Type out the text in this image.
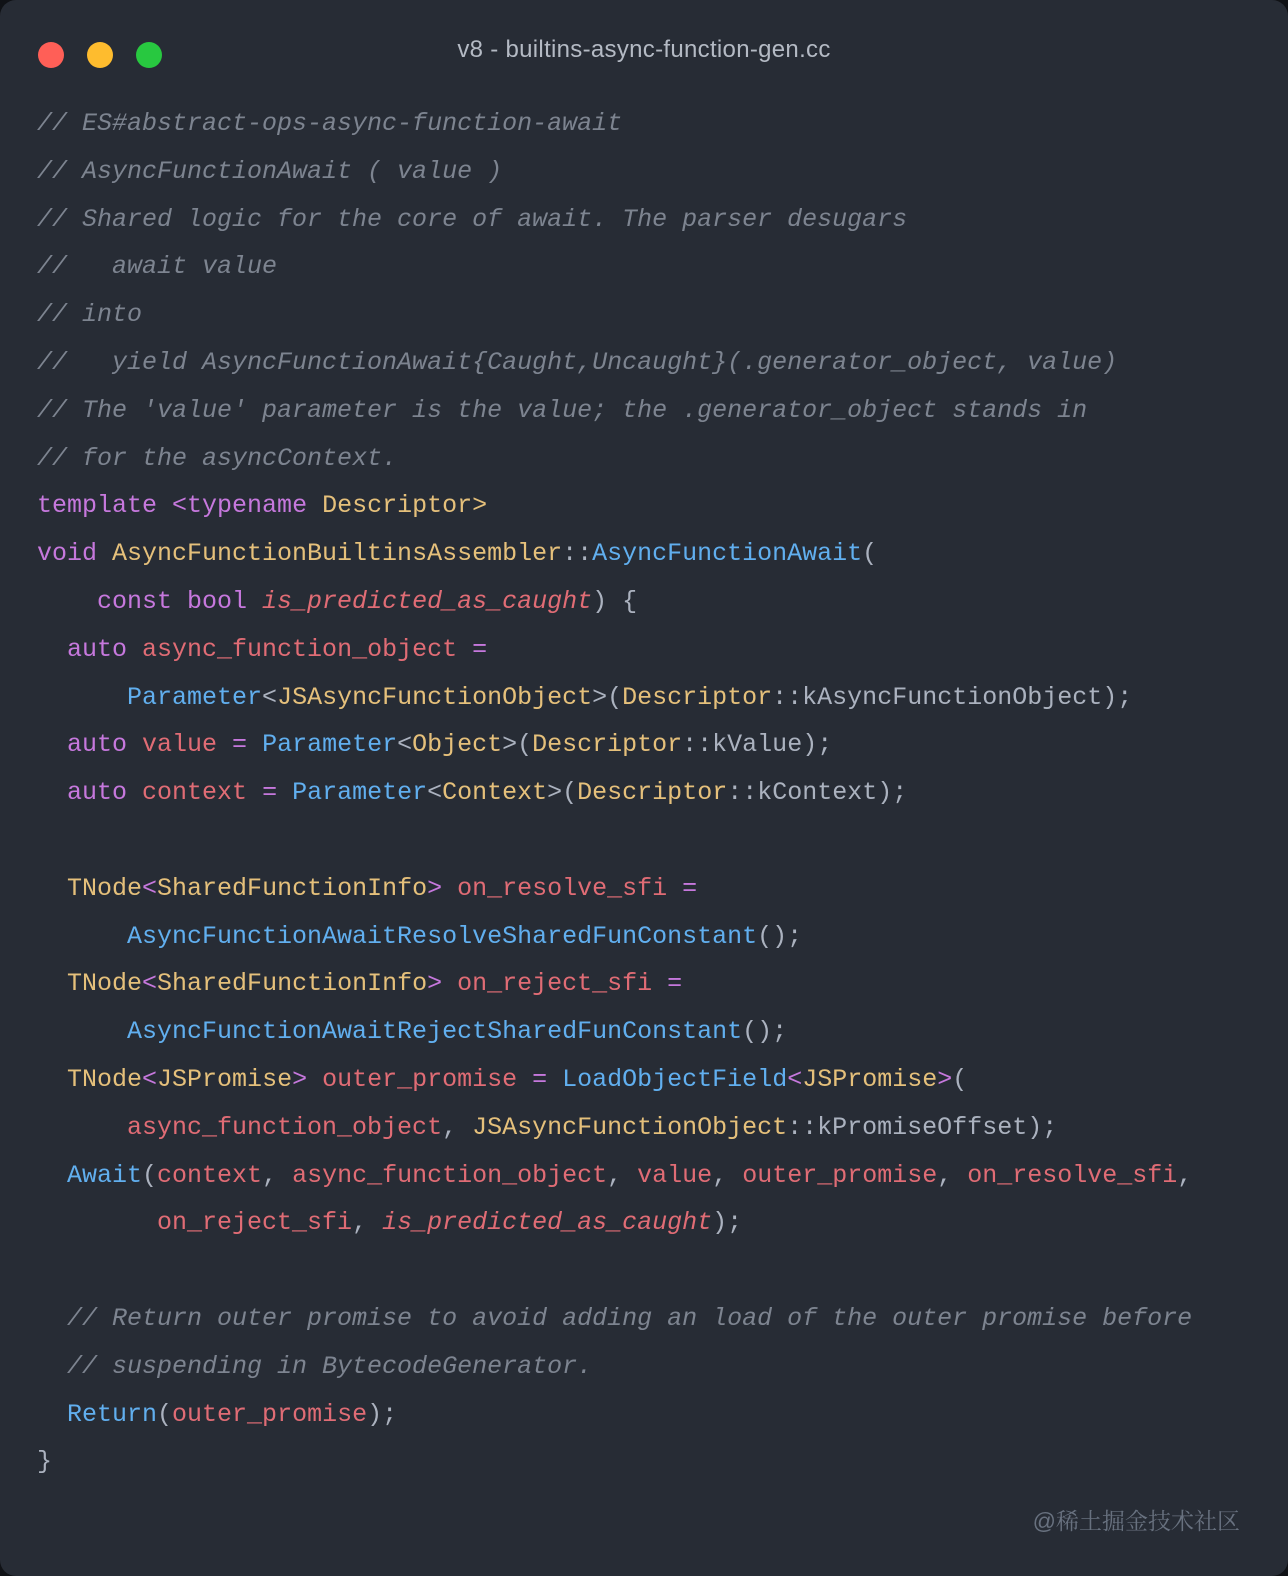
v8 - builtins-async-function-gen.cc
// ES#abstract-ops-async-function-await
// AsyncFunctionAwait ( value )
// Shared logic for the core of await. The parser desugars
//   await value
// into
//   yield AsyncFunctionAwait{Caught,Uncaught}(.generator_object, value)
// The 'value' parameter is the value; the .generator_object stands in
// for the asyncContext.
template <typename Descriptor>
void AsyncFunctionBuiltinsAssembler::AsyncFunctionAwait(
const bool is_predicted_as_caught) {
auto async_function_object =
Parameter<JSAsyncFunctionObject>(Descriptor::kAsyncFunctionObject);
auto value = Parameter<Object>(Descriptor::kValue);
auto context = Parameter<Context>(Descriptor::kContext);
TNode<SharedFunctionInfo> on_resolve_sfi =
AsyncFunctionAwaitResolveSharedFunConstant();
TNode<SharedFunctionInfo> on_reject_sfi =
AsyncFunctionAwaitRejectSharedFunConstant();
TNode<JSPromise> outer_promise = LoadObjectField<JSPromise>(
async_function_object, JSAsyncFunctionObject::kPromiseOffset);
Await(context, async_function_object, value, outer_promise, on_resolve_sfi,
on_reject_sfi, is_predicted_as_caught);
// Return outer promise to avoid adding an load of the outer promise before
// suspending in BytecodeGenerator.
Return(outer_promise);
}
@稀土掘金技术社区
